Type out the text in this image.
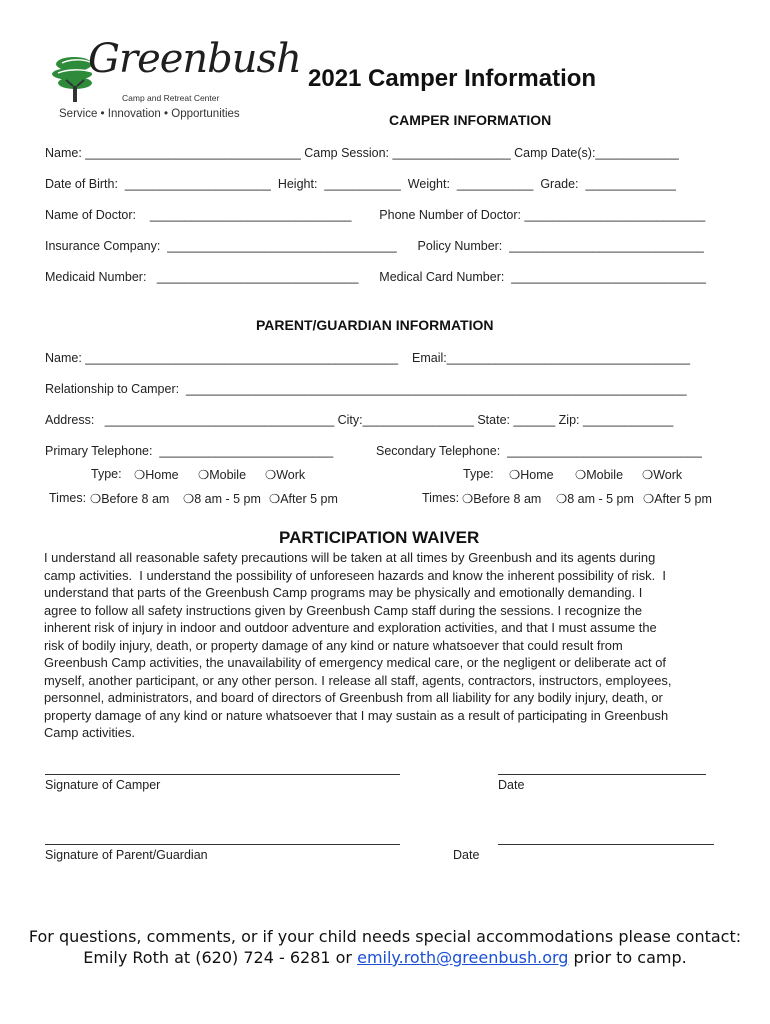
Greenbush
Camp and Retreat Center
Service • Innovation • Opportunities
2021 Camper Information
CAMPER INFORMATION
Name: _______________________________ Camp Session: _________________ Camp Date(s):____________
Date of Birth:  _____________________  Height:  ___________  Weight:  ___________  Grade:  _____________
Name of Doctor:    _____________________________        Phone Number of Doctor: __________________________
Insurance Company:  _________________________________      Policy Number:  ____________________________
Medicaid Number:   _____________________________      Medical Card Number:  ____________________________
PARENT/GUARDIAN INFORMATION
Name: _____________________________________________    Email:___________________________________
Relationship to Camper:  ________________________________________________________________________
Address:   _________________________________ City:________________ State: ______ Zip: _____________
Primary Telephone:  _________________________	Secondary Telephone:  ____________________________
Type: ❍Home ❍Mobile ❍Work
Times: ❍Before 8 am ❍8 am - 5 pm ❍After 5 pm
Type: ❍Home ❍Mobile ❍Work
Times: ❍Before 8 am ❍8 am - 5 pm ❍After 5 pm
PARTICIPATION WAIVER
I understand all reasonable safety precautions will be taken at all times by Greenbush and its agents during
camp activities.  I understand the possibility of unforeseen hazards and know the inherent possibility of risk.  I
understand that parts of the Greenbush Camp programs may be physically and emotionally demanding. I
agree to follow all safety instructions given by Greenbush Camp staff during the sessions. I recognize the
inherent risk of injury in indoor and outdoor adventure and exploration activities, and that I must assume the
risk of bodily injury, death, or property damage of any kind or nature whatsoever that could result from
Greenbush Camp activities, the unavailability of emergency medical care, or the negligent or deliberate act of
myself, another participant, or any other person. I release all staff, agents, contractors, instructors, employees,
personnel, administrators, and board of directors of Greenbush from all liability for any bodily injury, death, or
property damage of any kind or nature whatsoever that I may sustain as a result of participating in Greenbush
Camp activities.
Signature of Camper	Date
Signature of Parent/Guardian	Date
For questions, comments, or if your child needs special accommodations please contact:
Emily Roth at (620) 724 - 6281 or emily.roth@greenbush.org prior to camp.
